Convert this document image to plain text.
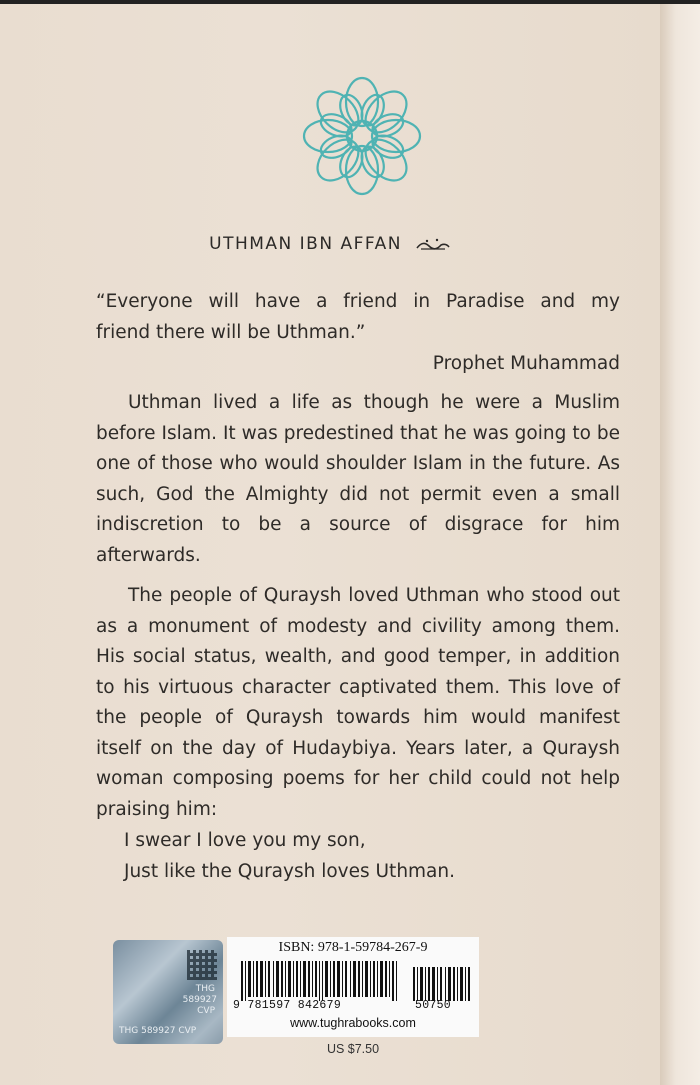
UTHMAN IBN AFFAN
“Everyone will have a friend in Paradise and my
friend there will be Uthman.”
Prophet Muhammad
Uthman lived a life as though he were a Muslim before Islam. It was predestined that he was going to be one of those who would shoulder Islam in the future. As such, God the Almighty did not permit even a small indiscretion to be a source of disgrace for him afterwards.
The people of Quraysh loved Uthman who stood out as a monument of modesty and civility among them. His social status, wealth, and good temper, in addition to his virtuous character captivated them. This love of the people of Quraysh towards him would manifest itself on the day of Hudaybiya. Years later, a Quraysh woman composing poems for her child could not help praising him:
I swear I love you my son,
Just like the Quraysh loves Uthman.
THG
589927
CVP
THG 589927 CVP
ISBN: 978-1-59784-267-9
9 781597 842679	50750
www.tughrabooks.com
US $7.50
